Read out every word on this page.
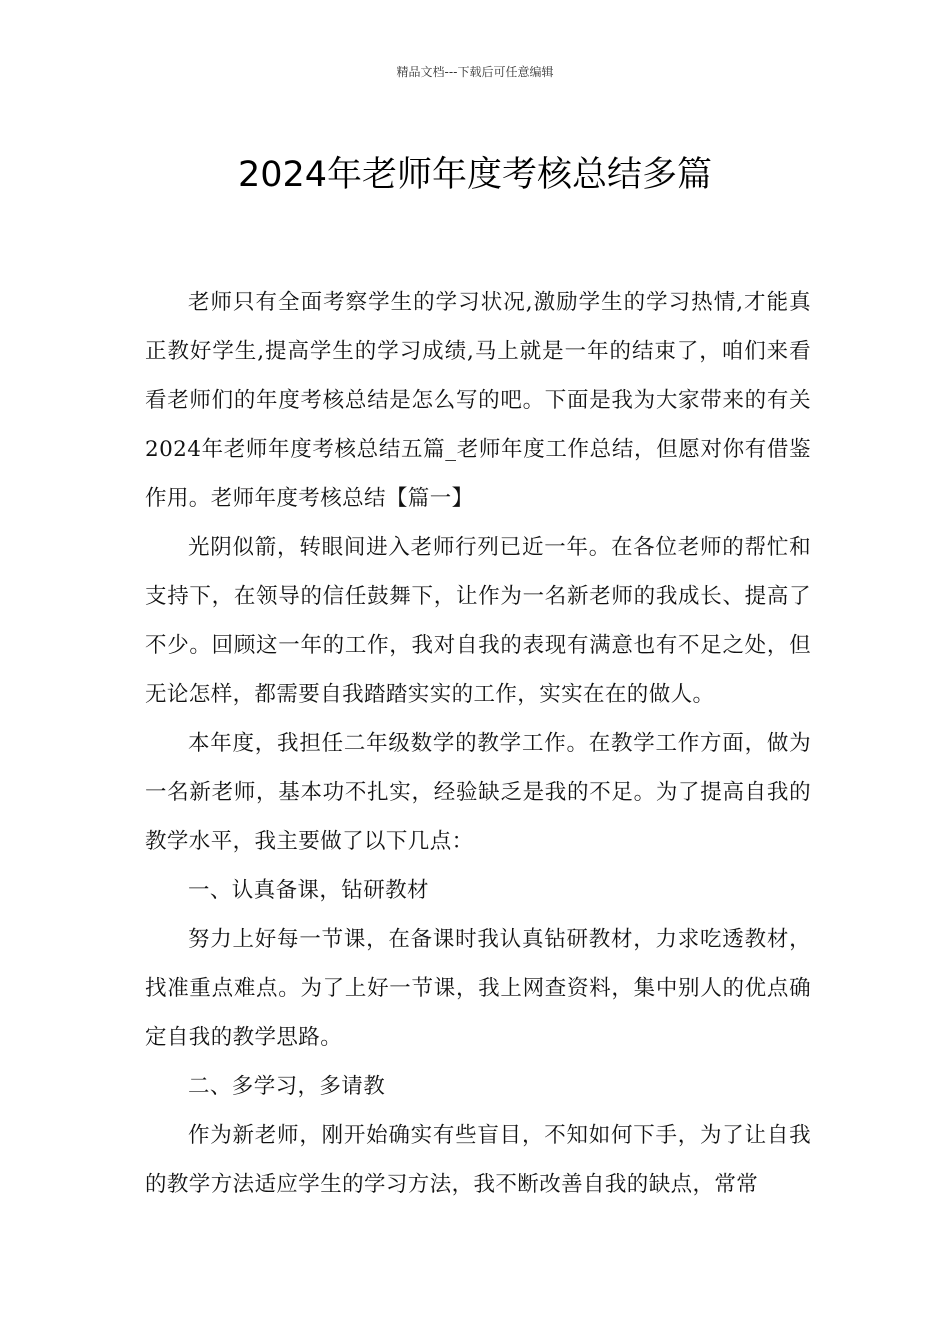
精品文档---下载后可任意编辑
2024年老师年度考核总结多篇

老师只有全面考察学生的学习状况,激励学生的学习热情,才能真正教好学生,提高学生的学习成绩,马上就是一年的结束了，咱们来看看老师们的年度考核总结是怎么写的吧。下面是我为大家带来的有关2024年老师年度考核总结五篇_老师年度工作总结，但愿对你有借鉴作用。老师年度考核总结【篇一】

光阴似箭，转眼间进入老师行列已近一年。在各位老师的帮忙和支持下，在领导的信任鼓舞下，让作为一名新老师的我成长、提高了不少。回顾这一年的工作，我对自我的表现有满意也有不足之处，但无论怎样，都需要自我踏踏实实的工作，实实在在的做人。

本年度，我担任二年级数学的教学工作。在教学工作方面，做为一名新老师，基本功不扎实，经验缺乏是我的不足。为了提高自我的教学水平，我主要做了以下几点：

一、认真备课，钻研教材

努力上好每一节课，在备课时我认真钻研教材，力求吃透教材，找准重点难点。为了上好一节课，我上网查资料，集中别人的优点确定自我的教学思路。

二、多学习，多请教

作为新老师，刚开始确实有些盲目，不知如何下手，为了让自我的教学方法适应学生的学习方法，我不断改善自我的缺点，常常
